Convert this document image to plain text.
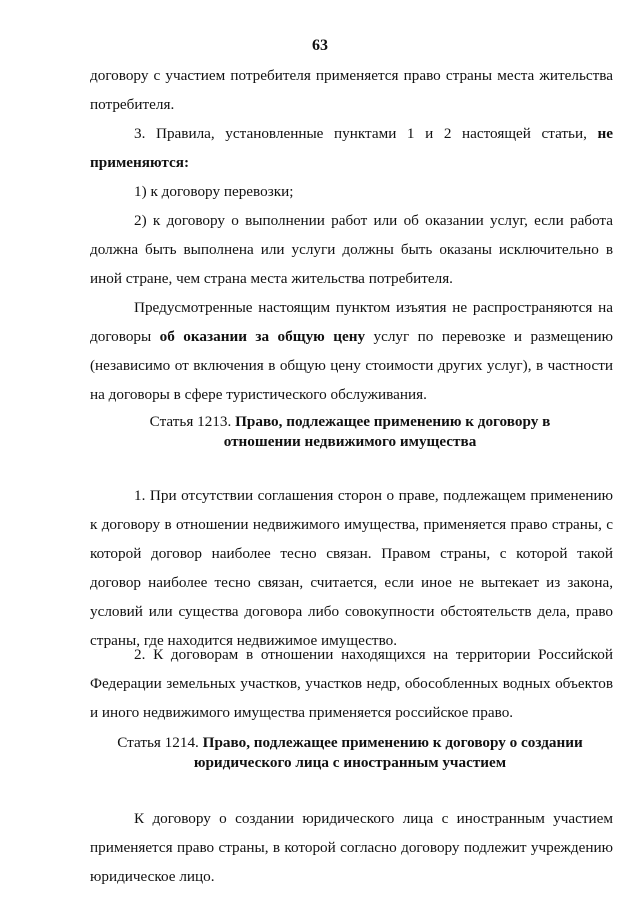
63

договору с участием потребителя применяется право страны места жительства потребителя.

3. Правила, установленные пунктами 1 и 2 настоящей статьи, не применяются:

1) к договору перевозки;

2) к договору о выполнении работ или об оказании услуг, если работа должна быть выполнена или услуги должны быть оказаны исключительно в иной стране, чем страна места жительства потребителя.

Предусмотренные настоящим пунктом изъятия не распространяются на договоры об оказании за общую цену услуг по перевозке и размещению (независимо от включения в общую цену стоимости других услуг), в частности на договоры в сфере туристического обслуживания.

Статья 1213. Право, подлежащее применению к договору в
отношении недвижимого имущества

1. При отсутствии соглашения сторон о праве, подлежащем применению к договору в отношении недвижимого имущества, применяется право страны, с которой договор наиболее тесно связан. Правом страны, с которой такой договор наиболее тесно связан, считается, если иное не вытекает из закона, условий или существа договора либо совокупности обстоятельств дела, право страны, где находится недвижимое имущество.

2. К договорам в отношении находящихся на территории Российской Федерации земельных участков, участков недр, обособленных водных объектов и иного недвижимого имущества применяется российское право.

Статья 1214. Право, подлежащее применению к договору о создании
юридического лица с иностранным участием

К договору о создании юридического лица с иностранным участием применяется право страны, в которой согласно договору подлежит учреждению юридическое лицо.
